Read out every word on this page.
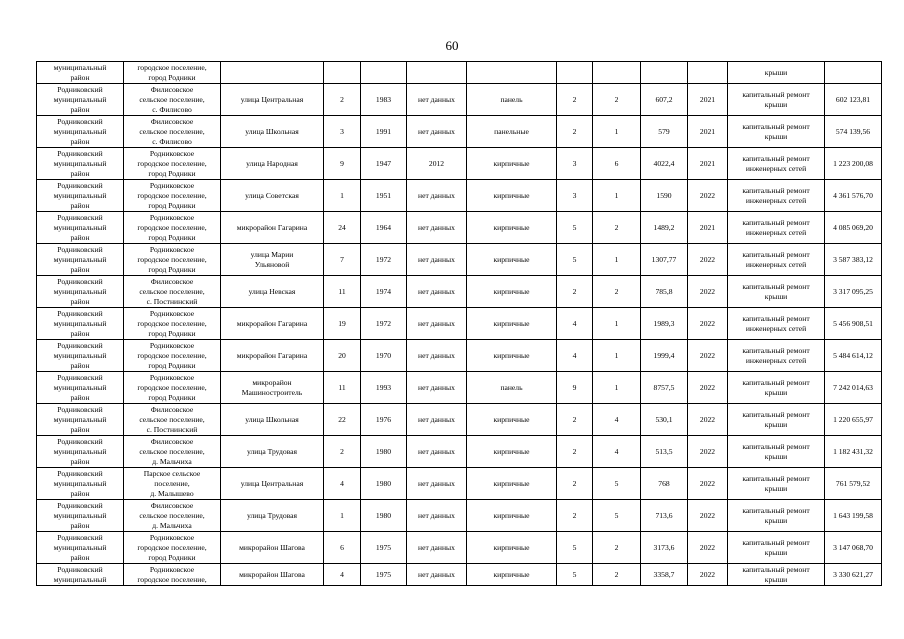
60
муниципальный
район	городское поселение,
город Родники										крыши	

Родниковский
муниципальный
район	Филисовское
сельское поселение,
с. Филисово	улица Центральная	2	1983	нет данных	панель	2	2	607,2	2021	капитальный ремонт
крыши	602 123,81

Родниковский
муниципальный
район	Филисовское
сельское поселение,
с. Филисово	улица Школьная	3	1991	нет данных	панельные	2	1	579	2021	капитальный ремонт
крыши	574 139,56

Родниковский
муниципальный
район	Родниковское
городское поселение,
город Родники	улица Народная	9	1947	2012	кирпичные	3	6	4022,4	2021	капитальный ремонт
инженерных сетей	1 223 200,08

Родниковский
муниципальный
район	Родниковское
городское поселение,
город Родники	улица Советская	1	1951	нет данных	кирпичные	3	1	1590	2022	капитальный ремонт
инженерных сетей	4 361 576,70

Родниковский
муниципальный
район	Родниковское
городское поселение,
город Родники	микрорайон Гагарина	24	1964	нет данных	кирпичные	5	2	1489,2	2021	капитальный ремонт
инженерных сетей	4 085 069,20

Родниковский
муниципальный
район	Родниковское
городское поселение,
город Родники	улица Марии
Ульяновой	7	1972	нет данных	кирпичные	5	1	1307,77	2022	капитальный ремонт
инженерных сетей	3 587 383,12

Родниковский
муниципальный
район	Филисовское
сельское поселение,
с. Постнинский	улица Невская	11	1974	нет данных	кирпичные	2	2	785,8	2022	капитальный ремонт
крыши	3 317 095,25

Родниковский
муниципальный
район	Родниковское
городское поселение,
город Родники	микрорайон Гагарина	19	1972	нет данных	кирпичные	4	1	1989,3	2022	капитальный ремонт
инженерных сетей	5 456 908,51

Родниковский
муниципальный
район	Родниковское
городское поселение,
город Родники	микрорайон Гагарина	20	1970	нет данных	кирпичные	4	1	1999,4	2022	капитальный ремонт
инженерных сетей	5 484 614,12

Родниковский
муниципальный
район	Родниковское
городское поселение,
город Родники	микрорайон
Машиностроитель	11	1993	нет данных	панель	9	1	8757,5	2022	капитальный ремонт
крыши	7 242 014,63

Родниковский
муниципальный
район	Филисовское
сельское поселение,
с. Постнинский	улица Школьная	22	1976	нет данных	кирпичные	2	4	530,1	2022	капитальный ремонт
крыши	1 220 655,97

Родниковский
муниципальный
район	Филисовское
сельское поселение,
д. Мальчиха	улица Трудовая	2	1980	нет данных	кирпичные	2	4	513,5	2022	капитальный ремонт
крыши	1 182 431,32

Родниковский
муниципальный
район	Парское сельское
поселение,
д. Малышево	улица Центральная	4	1980	нет данных	кирпичные	2	5	768	2022	капитальный ремонт
крыши	761 579,52

Родниковский
муниципальный
район	Филисовское
сельское поселение,
д. Мальчиха	улица Трудовая	1	1980	нет данных	кирпичные	2	5	713,6	2022	капитальный ремонт
крыши	1 643 199,58

Родниковский
муниципальный
район	Родниковское
городское поселение,
город Родники	микрорайон Шагова	6	1975	нет данных	кирпичные	5	2	3173,6	2022	капитальный ремонт
крыши	3 147 068,70

Родниковский
муниципальный	Родниковское
городское поселение,	микрорайон Шагова	4	1975	нет данных	кирпичные	5	2	3358,7	2022	капитальный ремонт
крыши	3 330 621,27
